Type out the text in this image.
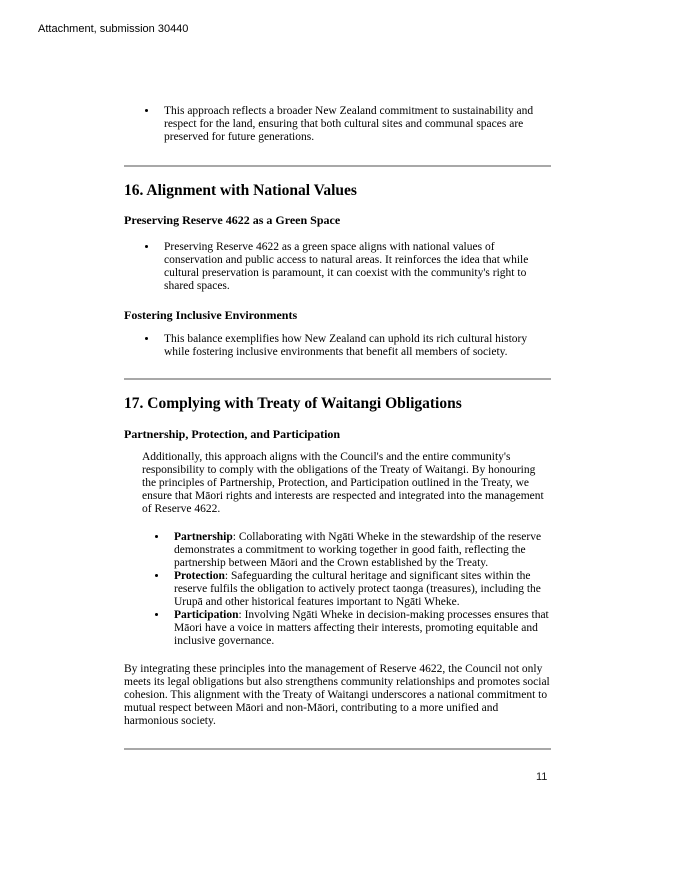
Attachment, submission 30440
• This approach reflects a broader New Zealand commitment to sustainability and respect for the land, ensuring that both cultural sites and communal spaces are preserved for future generations.
16. Alignment with National Values
Preserving Reserve 4622 as a Green Space
• Preserving Reserve 4622 as a green space aligns with national values of conservation and public access to natural areas. It reinforces the idea that while cultural preservation is paramount, it can coexist with the community's right to shared spaces.
Fostering Inclusive Environments
• This balance exemplifies how New Zealand can uphold its rich cultural history while fostering inclusive environments that benefit all members of society.
17. Complying with Treaty of Waitangi Obligations
Partnership, Protection, and Participation

Additionally, this approach aligns with the Council's and the entire community's responsibility to comply with the obligations of the Treaty of Waitangi. By honouring the principles of Partnership, Protection, and Participation outlined in the Treaty, we ensure that Māori rights and interests are respected and integrated into the management of Reserve 4622.

• Partnership: Collaborating with Ngāti Wheke in the stewardship of the reserve demonstrates a commitment to working together in good faith, reflecting the partnership between Māori and the Crown established by the Treaty.
• Protection: Safeguarding the cultural heritage and significant sites within the reserve fulfils the obligation to actively protect taonga (treasures), including the Urupā and other historical features important to Ngāti Wheke.
• Participation: Involving Ngāti Wheke in decision-making processes ensures that Māori have a voice in matters affecting their interests, promoting equitable and inclusive governance.

By integrating these principles into the management of Reserve 4622, the Council not only meets its legal obligations but also strengthens community relationships and promotes social cohesion. This alignment with the Treaty of Waitangi underscores a national commitment to mutual respect between Māori and non-Māori, contributing to a more unified and harmonious society.

11
